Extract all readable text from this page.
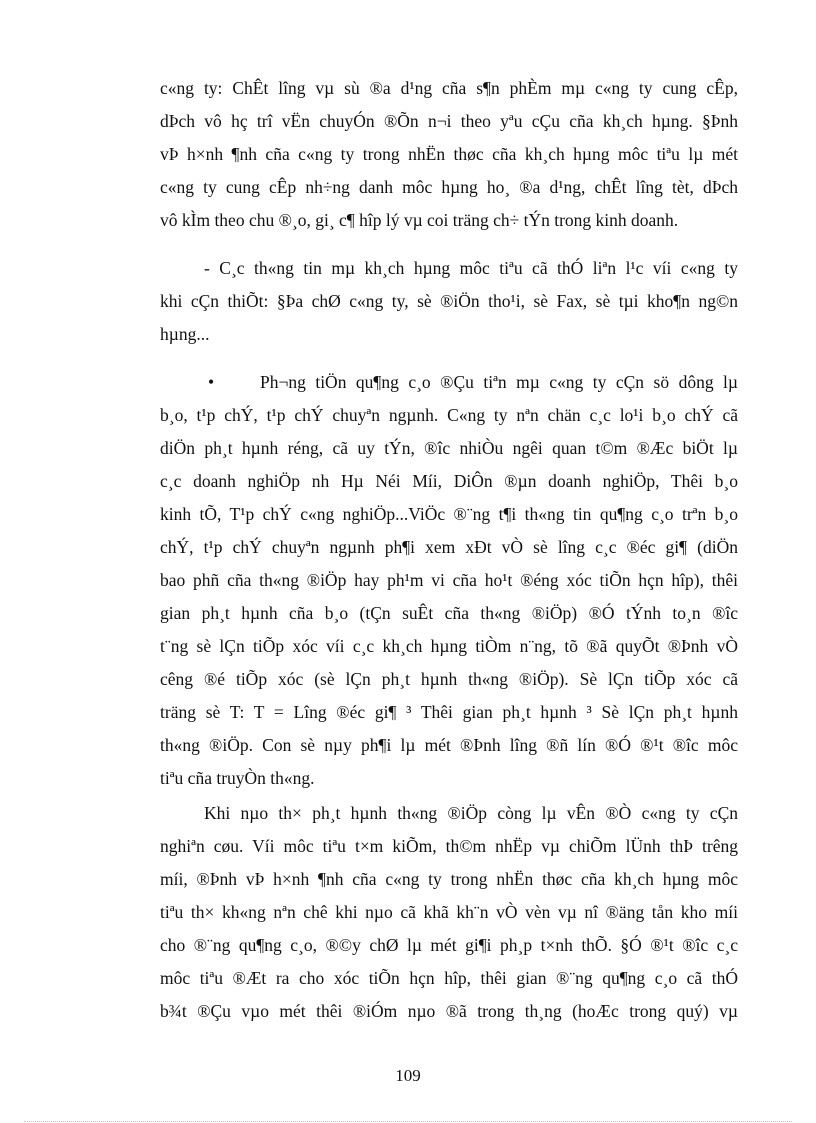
c«ng ty: ChÊt lîng vµ sù ®a d¹ng cña s¶n phÈm mµ c«ng ty cung cÊp,
dÞch vô hç trî vËn chuyÓn ®Õn n¬i theo yªu cÇu cña kh¸ch hµng. §Þnh
vÞ h×nh ¶nh cña c«ng ty trong nhËn thøc cña kh¸ch hµng môc tiªu lµ mét
c«ng ty cung cÊp nh÷ng danh môc hµng ho¸ ®a d¹ng, chÊt lîng tèt, dÞch
vô kÌm theo chu ®¸o, gi¸ c¶ hîp lý vµ coi träng ch÷ tÝn trong kinh doanh.

- C¸c th«ng tin mµ kh¸ch hµng môc tiªu cã thÓ liªn l¹c víi c«ng ty
khi cÇn thiÕt: §Þa chØ c«ng ty, sè ®iÖn tho¹i, sè Fax, sè tµi kho¶n ng©n
hµng...

•	Ph¬ng tiÖn qu¶ng c¸o ®Çu tiªn mµ c«ng ty cÇn sö dông lµ
b¸o, t¹p chÝ, t¹p chÝ chuyªn ngµnh. C«ng ty nªn chän c¸c lo¹i b¸o chÝ cã
diÖn ph¸t hµnh réng, cã uy tÝn, ®îc nhiÒu ngêi quan t©m ®Æc biÖt lµ
c¸c doanh nghiÖp nh Hµ Néi Míi, DiÔn ®µn doanh nghiÖp, Thêi b¸o
kinh tÕ, T¹p chÝ c«ng nghiÖp...ViÖc ®¨ng t¶i th«ng tin qu¶ng c¸o trªn b¸o
chÝ, t¹p chÝ chuyªn ngµnh ph¶i xem xÐt vÒ sè lîng c¸c ®éc gi¶ (diÖn
bao phñ cña th«ng ®iÖp hay ph¹m vi cña ho¹t ®éng xóc tiÕn hçn hîp), thêi
gian ph¸t hµnh cña b¸o (tÇn suÊt cña th«ng ®iÖp) ®Ó tÝnh to¸n ®îc
t¨ng sè lÇn tiÕp xóc víi c¸c kh¸ch hµng tiÒm n¨ng, tõ ®ã quyÕt ®Þnh vÒ
cêng ®é tiÕp xóc (sè lÇn ph¸t hµnh th«ng ®iÖp). Sè lÇn tiÕp xóc cã
träng sè T: T = Lîng ®éc gi¶ ³ Thêi gian ph¸t hµnh ³ Sè lÇn ph¸t hµnh
th«ng ®iÖp. Con sè nµy ph¶i lµ mét ®Þnh lîng ®ñ lín ®Ó ®¹t ®îc môc
tiªu cña truyÒn th«ng.

Khi nµo th× ph¸t hµnh th«ng ®iÖp còng lµ vÊn ®Ò c«ng ty cÇn
nghiªn cøu. Víi môc tiªu t×m kiÕm, th©m nhËp vµ chiÕm lÜnh thÞ trêng
míi, ®Þnh vÞ h×nh ¶nh cña c«ng ty trong nhËn thøc cña kh¸ch hµng môc
tiªu th× kh«ng nªn chê khi nµo cã khã kh¨n vÒ vèn vµ nî ®äng tån kho míi
cho ®¨ng qu¶ng c¸o, ®©y chØ lµ mét gi¶i ph¸p t×nh thÕ. §Ó ®¹t ®îc c¸c
môc tiªu ®Æt ra cho xóc tiÕn hçn hîp, thêi gian ®¨ng qu¶ng c¸o cã thÓ
b¾t ®Çu vµo mét thêi ®iÓm nµo ®ã trong th¸ng (hoÆc trong quý) vµ

109
